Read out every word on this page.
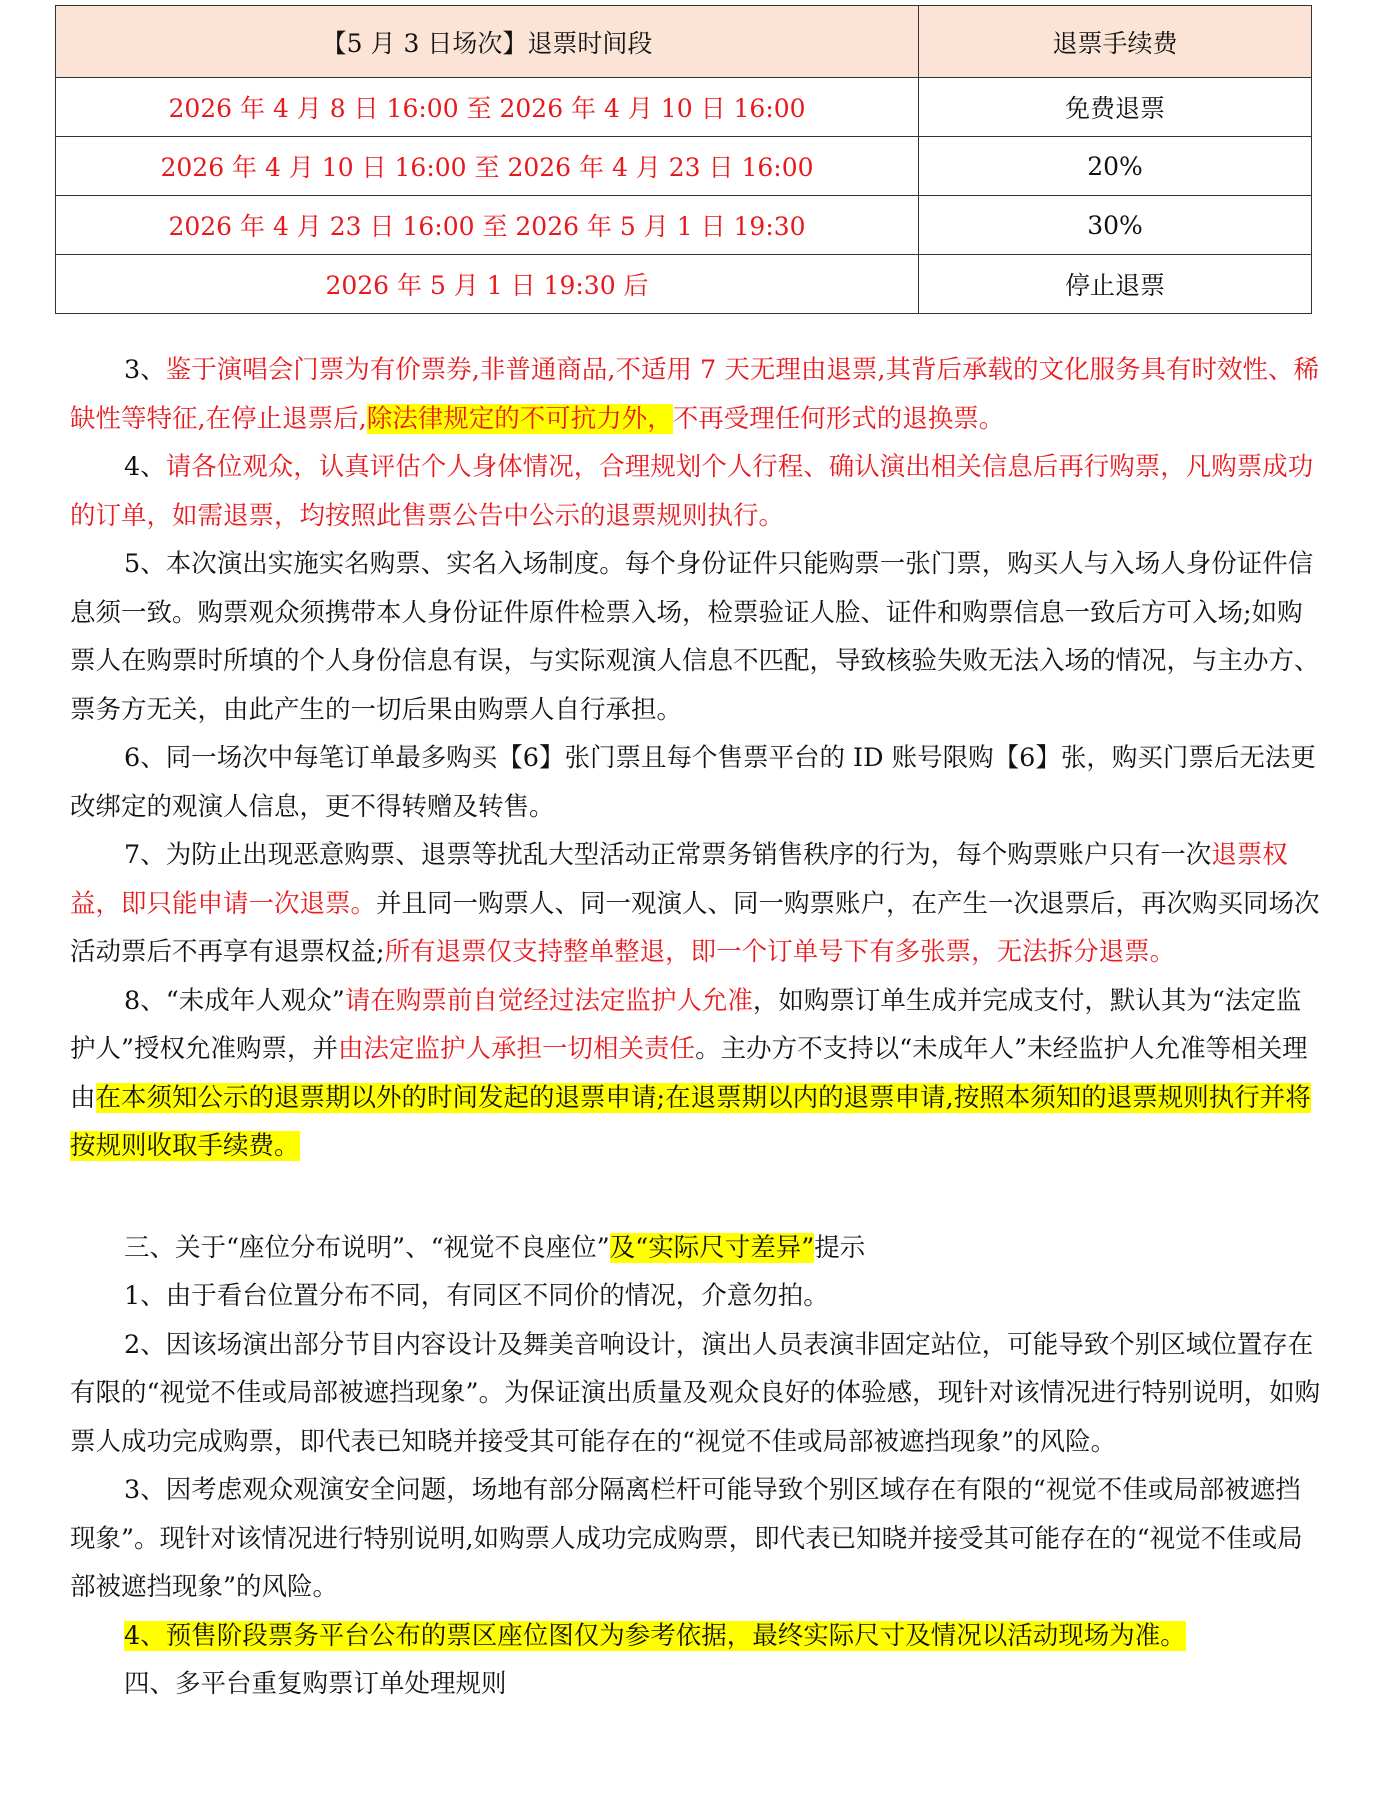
【5 月 3 日场次】退票时间段	退票手续费
2026 年 4 月 8 日 16:00 至 2026 年 4 月 10 日 16:00	免费退票
2026 年 4 月 10 日 16:00 至 2026 年 4 月 23 日 16:00	20%
2026 年 4 月 23 日 16:00 至 2026 年 5 月 1 日 19:30	30%
2026 年 5 月 1 日 19:30 后	停止退票

3、鉴于演唱会门票为有价票券,非普通商品,不适用 7 天无理由退票,其背后承载的文化服务具有时效性、稀缺性等特征,在停止退票后,除法律规定的不可抗力外，不再受理任何形式的退换票。

4、请各位观众，认真评估个人身体情况，合理规划个人行程、确认演出相关信息后再行购票，凡购票成功的订单，如需退票，均按照此售票公告中公示的退票规则执行。

5、本次演出实施实名购票、实名入场制度。每个身份证件只能购票一张门票，购买人与入场人身份证件信息须一致。购票观众须携带本人身份证件原件检票入场，检票验证人脸、证件和购票信息一致后方可入场;如购票人在购票时所填的个人身份信息有误，与实际观演人信息不匹配，导致核验失败无法入场的情况，与主办方、票务方无关，由此产生的一切后果由购票人自行承担。

6、同一场次中每笔订单最多购买【6】张门票且每个售票平台的 ID 账号限购【6】张，购买门票后无法更改绑定的观演人信息，更不得转赠及转售。

7、为防止出现恶意购票、退票等扰乱大型活动正常票务销售秩序的行为，每个购票账户只有一次退票权益，即只能申请一次退票。并且同一购票人、同一观演人、同一购票账户，在产生一次退票后，再次购买同场次活动票后不再享有退票权益;所有退票仅支持整单整退，即一个订单号下有多张票，无法拆分退票。

8、“未成年人观众”请在购票前自觉经过法定监护人允准，如购票订单生成并完成支付，默认其为“法定监护人”授权允准购票，并由法定监护人承担一切相关责任。主办方不支持以“未成年人”未经监护人允准等相关理由在本须知公示的退票期以外的时间发起的退票申请;在退票期以内的退票申请,按照本须知的退票规则执行并将按规则收取手续费。

三、关于“座位分布说明”、“视觉不良座位”及“实际尺寸差异”提示

1、由于看台位置分布不同，有同区不同价的情况，介意勿拍。

2、因该场演出部分节目内容设计及舞美音响设计，演出人员表演非固定站位，可能导致个别区域位置存在有限的“视觉不佳或局部被遮挡现象”。为保证演出质量及观众良好的体验感，现针对该情况进行特别说明，如购票人成功完成购票，即代表已知晓并接受其可能存在的“视觉不佳或局部被遮挡现象”的风险。

3、因考虑观众观演安全问题，场地有部分隔离栏杆可能导致个别区域存在有限的“视觉不佳或局部被遮挡现象”。现针对该情况进行特别说明,如购票人成功完成购票，即代表已知晓并接受其可能存在的“视觉不佳或局部被遮挡现象”的风险。

4、预售阶段票务平台公布的票区座位图仅为参考依据，最终实际尺寸及情况以活动现场为准。

四、多平台重复购票订单处理规则
